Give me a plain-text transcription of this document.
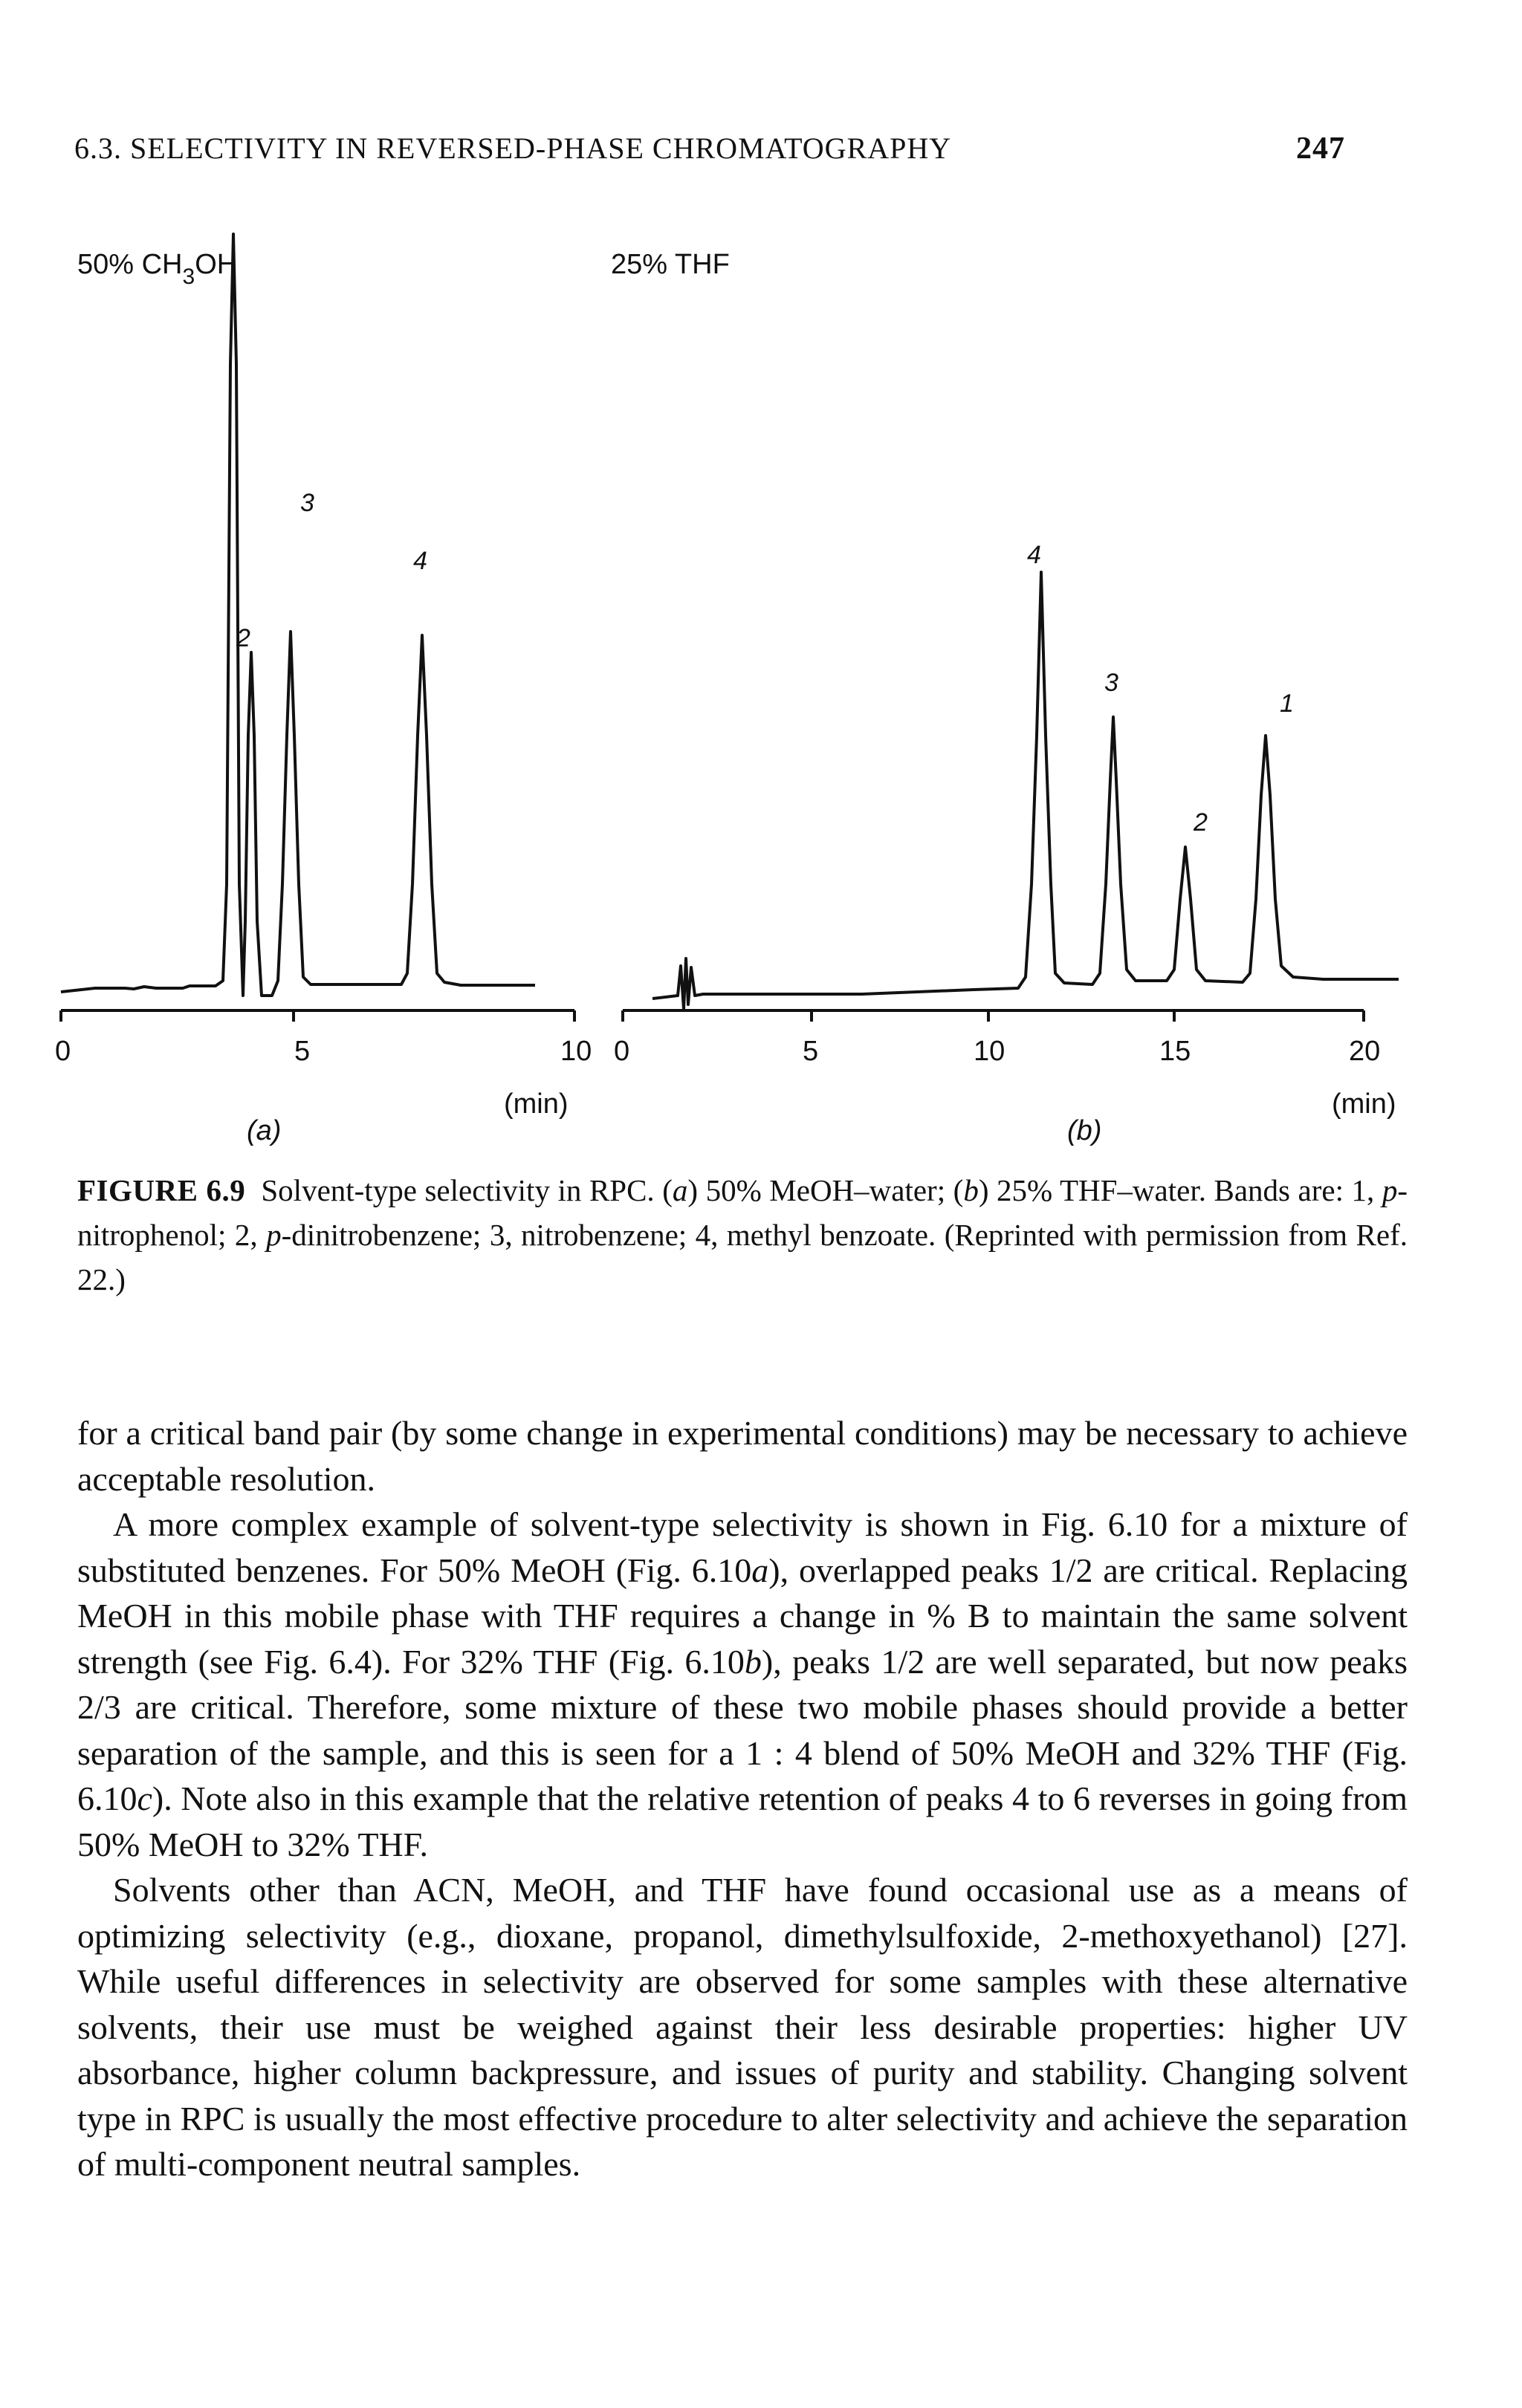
6.3. SELECTIVITY IN REVERSED-PHASE CHROMATOGRAPHY	247
50% $CH_3OH$
2
3
4
0	5	10
(min)
(a)
25% THF
4
3
2
1
0	5	10	15	20
(min)
(b)
FIGURE 6.9 Solvent-type selectivity in RPC. (a) 50% MeOH–water; (b) 25% THF–water. Bands are: 1, p-nitrophenol; 2, p-dinitrobenzene; 3, nitrobenzene; 4, methyl benzoate. (Reprinted with permission from Ref. 22.)

for a critical band pair (by some change in experimental conditions) may be necessary to achieve acceptable resolution.

A more complex example of solvent-type selectivity is shown in Fig. 6.10 for a mixture of substituted benzenes. For 50% MeOH (Fig. 6.10a), overlapped peaks 1/2 are critical. Replacing MeOH in this mobile phase with THF requires a change in % B to maintain the same solvent strength (see Fig. 6.4). For 32% THF (Fig. 6.10b), peaks 1/2 are well separated, but now peaks 2/3 are critical. Therefore, some mixture of these two mobile phases should provide a better separation of the sample, and this is seen for a 1 : 4 blend of 50% MeOH and 32% THF (Fig. 6.10c). Note also in this example that the relative retention of peaks 4 to 6 reverses in going from 50% MeOH to 32% THF.

Solvents other than ACN, MeOH, and THF have found occasional use as a means of optimizing selectivity (e.g., dioxane, propanol, dimethylsulfoxide, 2-methoxyethanol) [27]. While useful differences in selectivity are observed for some samples with these alternative solvents, their use must be weighed against their less desirable properties: higher UV absorbance, higher column backpressure, and issues of purity and stability. Changing solvent type in RPC is usually the most effective procedure to alter selectivity and achieve the separation of multi-component neutral samples.
